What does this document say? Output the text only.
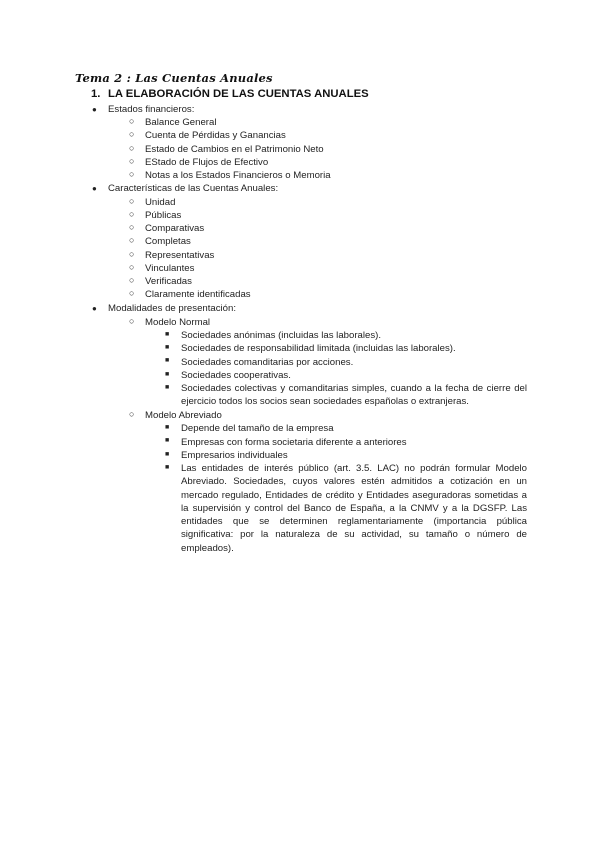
Tema 2 : Las Cuentas Anuales
1. LA ELABORACIÓN DE LAS CUENTAS ANUALES
● Estados financieros:
○ Balance General
○ Cuenta de Pérdidas y Ganancias
○ Estado de Cambios en el Patrimonio Neto
○ EStado de Flujos de Efectivo
○ Notas a los Estados Financieros o Memoria
● Características de las Cuentas Anuales:
○ Unidad
○ Públicas
○ Comparativas
○ Completas
○ Representativas
○ Vinculantes
○ Verificadas
○ Claramente identificadas
● Modalidades de presentación:
○ Modelo Normal
■ Sociedades anónimas (incluidas las laborales).
■ Sociedades de responsabilidad limitada (incluidas las laborales).
■ Sociedades comanditarias por acciones.
■ Sociedades cooperativas.
■ Sociedades colectivas y comanditarias simples, cuando a la fecha de cierre del ejercicio todos los socios sean sociedades españolas o extranjeras.
○ Modelo Abreviado
■ Depende del tamaño de la empresa
■ Empresas con forma societaria diferente a anteriores
■ Empresarios individuales
■ Las entidades de interés público (art. 3.5. LAC) no podrán formular Modelo Abreviado. Sociedades, cuyos valores estén admitidos a cotización en un mercado regulado, Entidades de crédito y Entidades aseguradoras sometidas a la supervisión y control del Banco de España, a la CNMV y a la DGSFP. Las entidades que se determinen reglamentariamente (importancia pública significativa: por la naturaleza de su actividad, su tamaño o número de empleados).
